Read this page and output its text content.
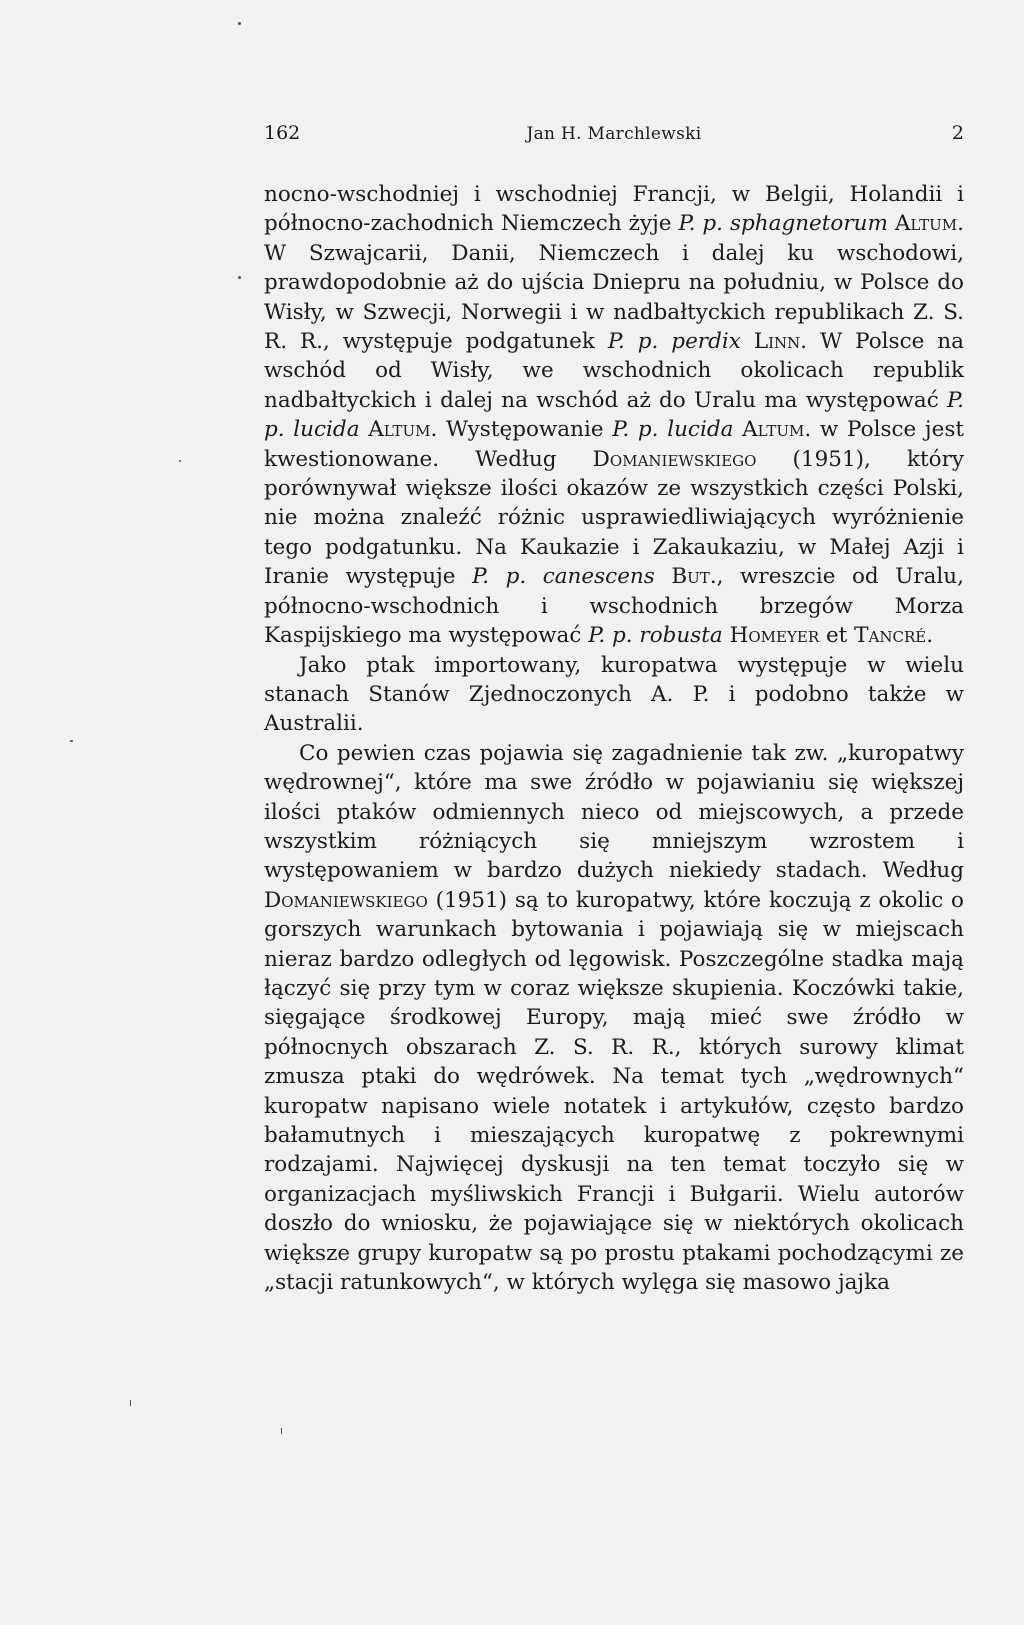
162	Jan H. Marchlewski	2

nocno-wschodniej i wschodniej Francji, w Belgii, Holandii i północno-zachodnich Niemczech żyje P. p. sphagnetorum Altum. W Szwajcarii, Danii, Niemczech i dalej ku wschodowi, prawdopodobnie aż do ujścia Dniepru na południu, w Polsce do Wisły, w Szwecji, Norwegii i w nadbałtyckich republikach Z. S. R. R., występuje podgatunek P. p. perdix Linn. W Polsce na wschód od Wisły, we wschodnich okolicach republik nadbałtyckich i dalej na wschód aż do Uralu ma występować P. p. lucida Altum. Występowanie P. p. lucida Altum. w Polsce jest kwestionowane. Według Domaniewskiego (1951), który porównywał większe ilości okazów ze wszystkich części Polski, nie można znaleźć różnic usprawiedliwiających wyróżnienie tego podgatunku. Na Kaukazie i Zakaukaziu, w Małej Azji i Iranie występuje P. p. canescens But., wreszcie od Uralu, północno-wschodnich i wschodnich brzegów Morza Kaspijskiego ma występować P. p. robusta Homeyer et Tancré.

Jako ptak importowany, kuropatwa występuje w wielu stanach Stanów Zjednoczonych A. P. i podobno także w Australii.

Co pewien czas pojawia się zagadnienie tak zw. „kuropatwy wędrownej“, które ma swe źródło w pojawianiu się większej ilości ptaków odmiennych nieco od miejscowych, a przede wszystkim różniących się mniejszym wzrostem i występowaniem w bardzo dużych niekiedy stadach. Według Domaniewskiego (1951) są to kuropatwy, które koczują z okolic o gorszych warunkach bytowania i pojawiają się w miejscach nieraz bardzo odległych od lęgowisk. Poszczególne stadka mają łączyć się przy tym w coraz większe skupienia. Koczówki takie, sięgające środkowej Europy, mają mieć swe źródło w północnych obszarach Z. S. R. R., których surowy klimat zmusza ptaki do wędrówek. Na temat tych „wędrownych“ kuropatw napisano wiele notatek i artykułów, często bardzo bałamutnych i mieszających kuropatwę z pokrewnymi rodzajami. Najwięcej dyskusji na ten temat toczyło się w organizacjach myśliwskich Francji i Bułgarii. Wielu autorów doszło do wniosku, że pojawiające się w niektórych okolicach większe grupy kuropatw są po prostu ptakami pochodzącymi ze „stacji ratunkowych“, w których wylęga się masowo jajka
